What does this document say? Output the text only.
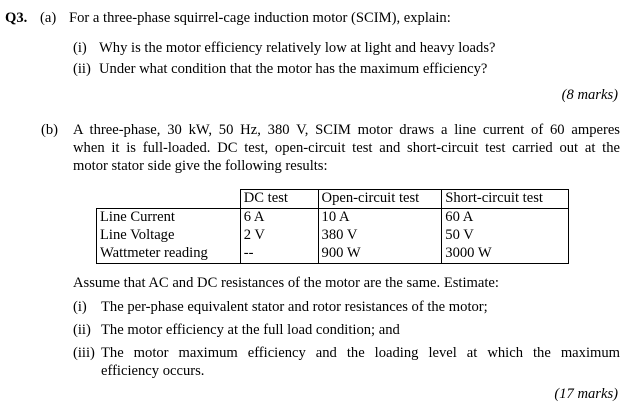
Q3. (a) For a three-phase squirrel-cage induction motor (SCIM), explain:
(i) Why is the motor efficiency relatively low at light and heavy loads?
(ii) Under what condition that the motor has the maximum efficiency?
(8 marks)
(b) A three-phase, 30 kW, 50 Hz, 380 V, SCIM motor draws a line current of 60 amperes
when it is full-loaded. DC test, open-circuit test and short-circuit test carried out at the
motor stator side give the following results:
	DC test	Open-circuit test	Short-circuit test
Line Current	6 A	10 A	60 A
Line Voltage	2 V	380 V	50 V
Wattmeter reading	--	900 W	3000 W
Assume that AC and DC resistances of the motor are the same. Estimate:
(i) The per-phase equivalent stator and rotor resistances of the motor;
(ii) The motor efficiency at the full load condition; and
(iii) The motor maximum efficiency and the loading level at which the maximum
efficiency occurs.
(17 marks)
